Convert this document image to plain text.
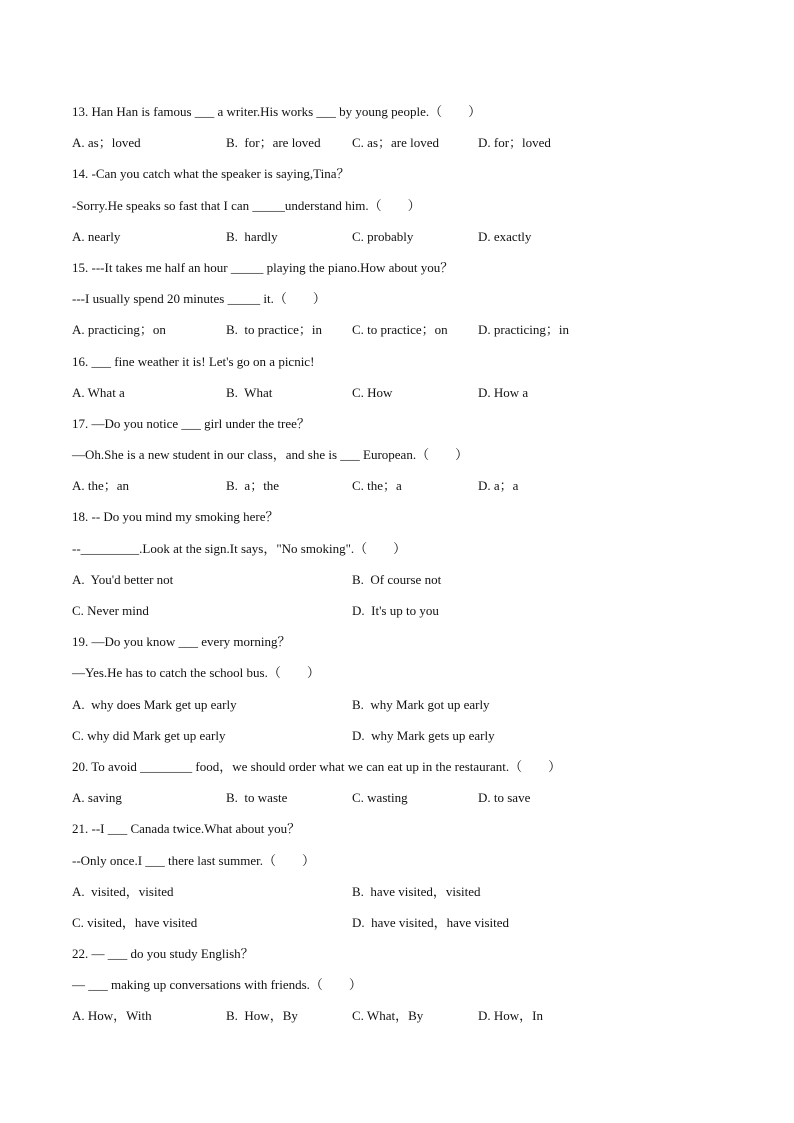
13. Han Han is famous ___ a writer.His works ___ by young people.（        ）
A. as；loved	B.  for；are loved C. as；are loved	D. for；loved
14. -Can you catch what the speaker is saying,Tina？
-Sorry.He speaks so fast that I can _____understand him.（        ）
A. nearly	B.  hardly	C. probably	D. exactly
15. ---It takes me half an hour _____ playing the piano.How about you？
---I usually spend 20 minutes _____ it.（        ）
A. practicing；on	B.  to practice；in C. to practice；on D. practicing；in
16. ___ fine weather it is! Let's go on a picnic!
A. What a	B.  What	C. How	D. How a
17. —Do you notice ___ girl under the tree？
—Oh.She is a new student in our class，and she is ___ European.（        ）
A. the；an	B.  a；the	C. the；a	D. a；a
18. -- Do you mind my smoking here？
--_________.Look at the sign.It says，"No smoking".（        ）
A.  You'd better not	B.  Of course not
C. Never mind	D.  It's up to you
19. —Do you know ___ every morning？
—Yes.He has to catch the school bus.（        ）
A.  why does Mark get up early	B.  why Mark got up early
C. why did Mark get up early	D.  why Mark gets up early
20. To avoid ________ food，we should order what we can eat up in the restaurant.（        ）
A. saving	B.  to waste	C. wasting	D. to save
21. --I ___ Canada twice.What about you？
--Only once.I ___ there last summer.（        ）
A.  visited，visited	B.  have visited，visited
C. visited，have visited	D.  have visited，have visited
22. — ___ do you study English？
— ___ making up conversations with friends.（        ）
A. How，With	B.  How，By	C. What，By	D. How，In
